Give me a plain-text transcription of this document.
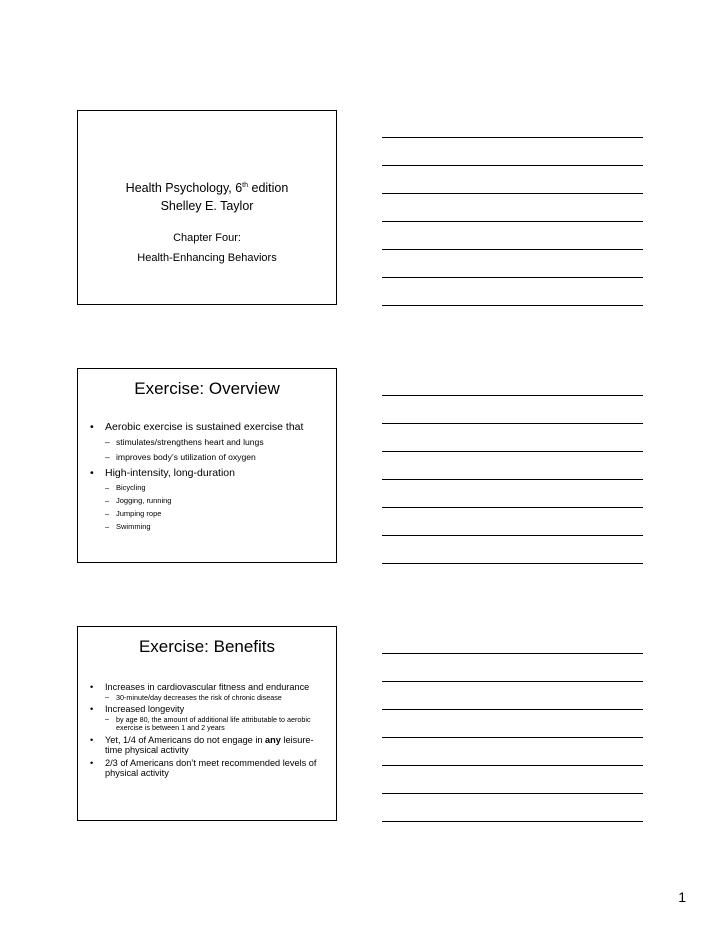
Health Psychology, 6th edition

Shelley E. Taylor

Chapter Four:

Health-Enhancing Behaviors

Exercise: Overview
• Aerobic exercise is sustained exercise that
– stimulates/strengthens heart and lungs
– improves body’s utilization of oxygen
• High-intensity, long-duration
– Bicycling
– Jogging, running
– Jumping rope
– Swimming
Exercise: Benefits
• Increases in cardiovascular fitness and endurance
– 30-minute/day decreases the risk of chronic disease
• Increased longevity
– by age 80, the amount of additional life attributable to aerobic exercise is between 1 and 2 years
• Yet, 1/4 of Americans do not engage in any leisure-time physical activity
• 2/3 of Americans don’t meet recommended levels of physical activity
1
